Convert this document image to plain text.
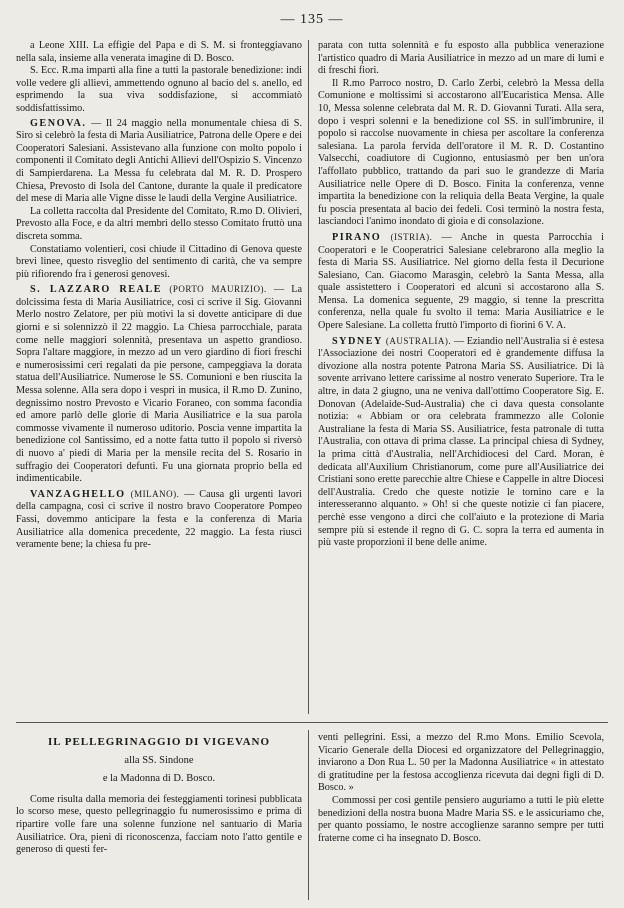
— 135 —

a Leone XIII. La effigie del Papa e di S. M. si fronteggiavano nella sala, insieme alla venerata imagine di D. Bosco.

S. Ecc. R.ma impartì alla fine a tutti la pastorale benedizione: indi volle vedere gli allievi, ammettendo ognuno al bacio del s. anello, ed esprimendo la sua viva soddisfazione, si accommiatò soddisfattissimo.

GENOVA. — Il 24 maggio nella monumentale chiesa di S. Siro si celebrò la festa di Maria Ausiliatrice, Patrona delle Opere e dei Cooperatori Salesiani. Assistevano alla funzione con molto popolo i componenti il Comitato degli Antichi Allievi dell'Ospizio S. Vincenzo di Sampierdarena. La Messa fu celebrata dal M. R. D. Prospero Chiesa, Prevosto di Isola del Cantone, durante la quale il predicatore del mese di Maria alle Vigne disse le laudi della Vergine Ausiliatrice.

La colletta raccolta dal Presidente del Comitato, R.mo D. Olivieri, Prevosto alla Foce, e da altri membri dello stesso Comitato fruttò una discreta somma.

Constatiamo volentieri, così chiude il Cittadino di Genova queste brevi linee, questo risveglio del sentimento di carità, che va sempre più rifiorendo fra i generosi genovesi.

S. LAZZARO REALE (PORTO MAURIZIO). — La dolcissima festa di Maria Ausiliatrice, così ci scrive il Sig. Giovanni Merlo nostro Zelatore, per più motivi la si dovette anticipare di due giorni e si solennizzò il 22 maggio. La Chiesa parrocchiale, parata come nelle maggiori solennità, presentava un aspetto grandioso. Sopra l'altare maggiore, in mezzo ad un vero giardino di fiori freschi e numerosissimi ceri regalati da pie persone, campeggiava la dorata statua dell'Ausiliatrice. Numerose le SS. Comunioni e ben riuscita la Messa solenne. Alla sera dopo i vespri in musica, il R.mo D. Zunino, degnissimo nostro Prevosto e Vicario Foraneo, con somma facondia ed amore parlò delle glorie di Maria Ausiliatrice e la sua parola commosse vivamente il numeroso uditorio. Poscia venne impartita la benedizione col Santissimo, ed a notte fatta tutto il popolo si riversò di nuovo a' piedi di Maria per la mensile recita del S. Rosario in suffragio dei Cooperatori defunti. Fu una giornata proprio bella ed indimenticabile.

VANZAGHELLO (MILANO). — Causa gli urgenti lavori della campagna, così ci scrive il nostro bravo Cooperatore Pompeo Fassi, dovemmo anticipare la festa e la conferenza di Maria Ausiliatrice alla domenica precedente, 22 maggio. La festa riuscì veramente bene; la chiesa fu pre-

parata con tutta solennità e fu esposto alla pubblica venerazione l'artistico quadro di Maria Ausiliatrice in mezzo ad un mare di lumi e di freschi fiori.

Il R.mo Parroco nostro, D. Carlo Zerbi, celebrò la Messa della Comunione e moltissimi si accostarono all'Eucaristica Mensa. Alle 10, Messa solenne celebrata dal M. R. D. Giovanni Turati. Alla sera, dopo i vespri solenni e la benedizione col SS. in sull'imbrunire, il popolo si raccolse nuovamente in chiesa per ascoltare la conferenza salesiana. La parola fervida dell'oratore il M. R. D. Costantino Valsecchi, coadiutore di Cugionno, entusiasmò per ben un'ora l'affollato pubblico, trattando da pari suo le grandezze di Maria Ausiliatrice nelle Opere di D. Bosco. Finita la conferenza, venne impartita la benedizione con la reliquia della Beata Vergine, la quale fu poscia presentata al bacio dei fedeli. Così terminò la nostra festa, lasciandoci l'animo inondato di gioia e di consolazione.

PIRANO (ISTRIA). — Anche in questa Parrocchia i Cooperatori e le Cooperatrici Salesiane celebrarono alla meglio la festa di Maria SS. Ausiliatrice. Nel giorno della festa il Decurione Salesiano, Can. Giacomo Marasgin, celebrò la Santa Messa, alla quale assistettero i Cooperatori ed alcuni si accostarono alla S. Mensa. La domenica seguente, 29 maggio, si tenne la prescritta conferenza, nella quale fu svolto il tema: Maria Ausiliatrice e le Opere Salesiane. La colletta fruttò l'importo di fiorini 6 V. A.

SYDNEY (AUSTRALIA). — Eziandio nell'Australia si è estesa l'Associazione dei nostri Cooperatori ed è grandemente diffusa la divozione alla nostra potente Patrona Maria SS. Ausiliatrice. Di là sovente arrivano lettere carissime al nostro venerato Superiore. Tra le altre, in data 2 giugno, una ne veniva dall'ottimo Cooperatore Sig. E. Donovan (Adelaide-Sud-Australia) che ci dava questa consolante notizia: « Abbiam or ora celebrata frammezzo alle Colonie Australiane la festa di Maria SS. Ausiliatrice, festa patronale di tutta l'Australia, con ottava di prima classe. La principal chiesa di Sydney, la prima città d'Australia, nell'Archidiocesi del Card. Moran, è dedicata all'Auxilium Christianorum, come pure all'Ausiliatrice dei Cristiani sono erette parecchie altre Chiese e Cappelle in altre Diocesi dell'Australia. Credo che queste notizie le tornino care e la interesseranno alquanto. » Oh! si che queste notizie ci fan piacere, perchè esse vengono a dirci che coll'aiuto e la protezione di Maria sempre più si estende il regno di G. C. sopra la terra ed aumenta in più vaste proporzioni il bene delle anime.

IL PELLEGRINAGGIO DI VIGEVANO
alla SS. Sindone
e la Madonna di D. Bosco.

Come risulta dalla memoria dei festeggiamenti torinesi pubblicata lo scorso mese, questo pellegrinaggio fu numerosissimo e prima di ripartire volle fare una solenne funzione nel santuario di Maria Ausiliatrice. Ora, pieni di riconoscenza, facciam noto l'atto gentile e generoso di questi fer-

venti pellegrini. Essi, a mezzo del R.mo Mons. Emilio Scevola, Vicario Generale della Diocesi ed organizzatore del Pellegrinaggio, inviarono a Don Rua L. 50 per la Madonna Ausiliatrice « in attestato di gratitudine per la festosa accoglienza ricevuta dai degni figli di D. Bosco. »

Commossi per così gentile pensiero auguriamo a tutti le più elette benedizioni della nostra buona Madre Maria SS. e le assicuriamo che, per quanto possiamo, le nostre accoglienze saranno sempre per tutti fraterne come ci ha insegnato D. Bosco.
